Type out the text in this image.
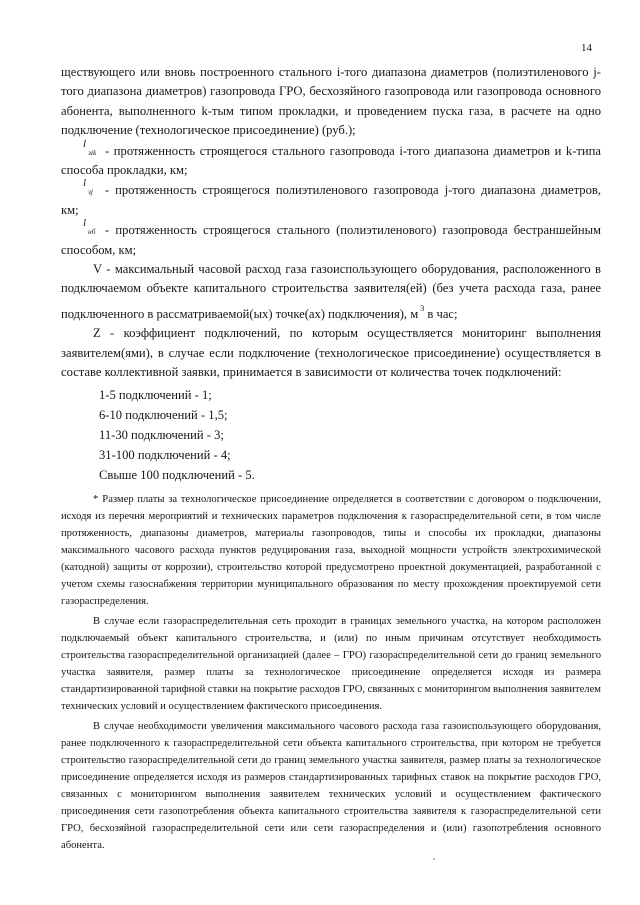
14

ществующего или вновь построенного стального i-того диапазона диаметров (полиэтиленового j-того диапазона диаметров) газопровода ГРО, бесхозяйного газопровода или газопровода основного абонента, выполненного k-тым типом прокладки, и проведением пуска газа, в расчете на одно подключение (технологическое присоединение) (руб.);

l
зik - протяженность строящегося стального газопровода i-того диапазона диаметров и k-типа способа прокладки, км;

l
зj - протяженность строящегося полиэтиленового газопровода j-того диапазона диаметров, км;

l
нб - протяженность строящегося стального (полиэтиленового) газопровода бестраншейным способом, км;

V - максимальный часовой расход газа газоиспользующего оборудования, расположенного в подключаемом объекте капитального строительства заявителя(ей) (без учета расхода газа, ранее подключенного в рассматриваемой(ых) точке(ах) подключения), м $^3$ в час;

Z - коэффициент подключений, по которым осуществляется мониторинг выполнения заявителем(ями), в случае если подключение (технологическое присоединение) осуществляется в составе коллективной заявки, принимается в зависимости от количества точек подключений:

1-5 подключений - 1;
6-10 подключений - 1,5;
11-30 подключений - 3;
31-100 подключений - 4;
Свыше 100 подключений - 5.

* Размер платы за технологическое присоединение определяется в соответствии с договором о подключении, исходя из перечня мероприятий и технических параметров подключения к газораспределительной сети, в том числе протяженность, диапазоны диаметров, материалы газопроводов, типы и способы их прокладки, диапазоны максимального часового расхода пунктов редуцирования газа, выходной мощности устройств электрохимической (катодной) защиты от коррозии), строительство которой предусмотрено проектной документацией, разработанной с учетом схемы газоснабжения территории муниципального образования по месту прохождения проектируемой сети газораспределения.

В случае если газораспределительная сеть проходит в границах земельного участка, на котором расположен подключаемый объект капитального строительства, и (или) по иным причинам отсутствует необходимость строительства газораспределительной организацией (далее – ГРО) газораспределительной сети до границ земельного участка заявителя, размер платы за технологическое присоединение определяется исходя из размера стандартизированной тарифной ставки на покрытие расходов ГРО, связанных с мониторингом выполнения заявителем технических условий и осуществлением фактического присоединения.

В случае необходимости увеличения максимального часового расхода газа газоиспользующего оборудования, ранее подключенного к газораспределительной сети объекта капитального строительства, при котором не требуется строительство газораспределительной сети до границ земельного участка заявителя, размер платы за технологическое присоединение определяется исходя из размеров стандартизированных тарифных ставок на покрытие расходов ГРО, связанных с мониторингом выполнения заявителем технических условий и осуществлением фактического присоединения сети газопотребления объекта капитального строительства заявителя к газораспределительной сети ГРО, бесхозяйной газораспределительной сети или сети газораспределения и (или) газопотребления основного абонента.
